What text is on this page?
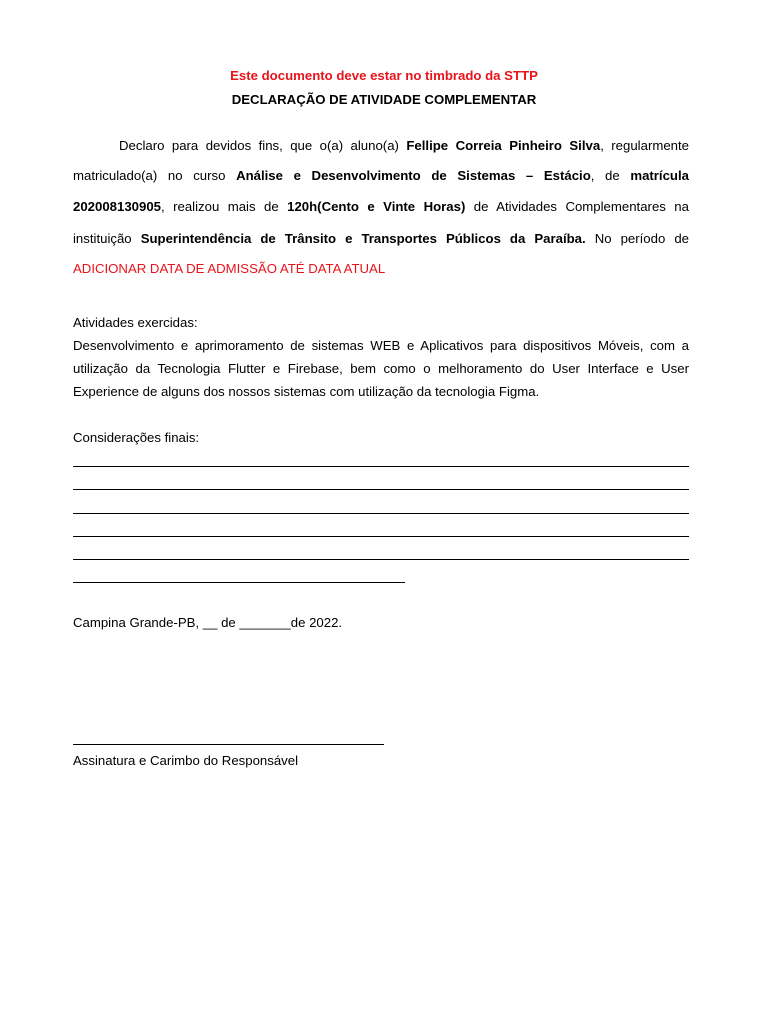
Este documento deve estar no timbrado da STTP
DECLARAÇÃO DE ATIVIDADE COMPLEMENTAR
Declaro para devidos fins, que o(a) aluno(a) Fellipe Correia Pinheiro Silva, regularmente
matriculado(a) no curso Análise e Desenvolvimento de Sistemas – Estácio, de matrícula
202008130905, realizou mais de 120h(Cento e Vinte Horas) de Atividades Complementares na
instituição Superintendência de Trânsito e Transportes Públicos da Paraíba. No período de
ADICIONAR DATA DE ADMISSÃO ATÉ DATA ATUAL
Atividades exercidas:
Desenvolvimento e aprimoramento de sistemas WEB e Aplicativos para dispositivos Móveis, com a
utilização da Tecnologia Flutter e Firebase, bem como o melhoramento do User Interface e User
Experience de alguns dos nossos sistemas com utilização da tecnologia Figma.
Considerações finais:
Campina Grande-PB, __ de _______de 2022.
Assinatura e Carimbo do Responsável
